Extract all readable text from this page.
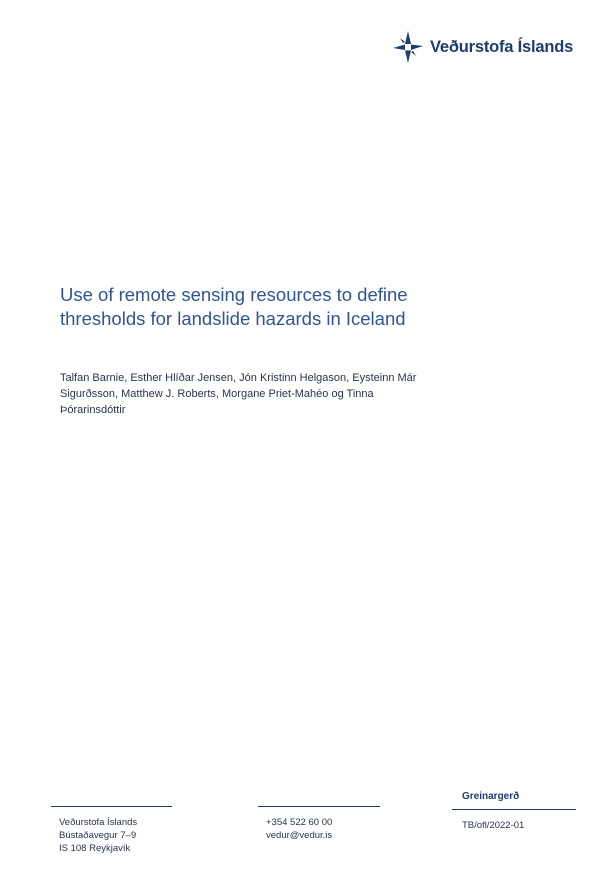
Veðurstofa Íslands
Use of remote sensing resources to define
thresholds for landslide hazards in Iceland
Talfan Barnie, Esther Hlíðar Jensen, Jón Kristinn Helgason, Eysteinn Már
Sigurðsson, Matthew J. Roberts, Morgane Priet-Mahéo og Tinna
Þórarinsdóttir
Veðurstofa Íslands
Bústaðavegur 7–9
IS 108 Reykjavík
+354 522 60 00
vedur@vedur.is
Greinargerð
TB/ofl/2022-01
